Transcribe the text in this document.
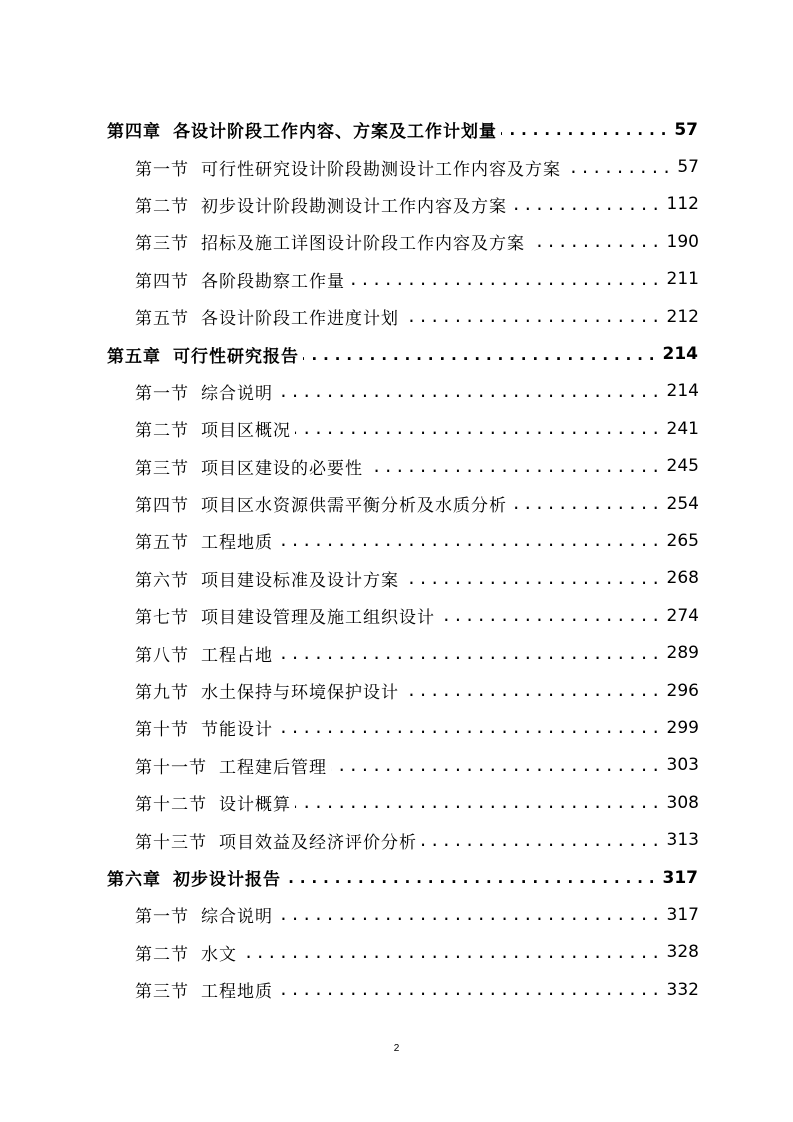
第四章 各设计阶段工作内容、方案及工作计划量 .....	57
第一节 可行性研究设计阶段勘测设计工作内容及方案 .....	57
第二节 初步设计阶段勘测设计工作内容及方案 .....	112
第三节 招标及施工详图设计阶段工作内容及方案 .....	190
第四节 各阶段勘察工作量 .....	211
第五节 各设计阶段工作进度计划 .....	212
第五章 可行性研究报告 .....	214
第一节 综合说明 .....	214
第二节 项目区概况 .....	241
第三节 项目区建设的必要性 .....	245
第四节 项目区水资源供需平衡分析及水质分析 .....	254
第五节 工程地质 .....	265
第六节 项目建设标准及设计方案 .....	268
第七节 项目建设管理及施工组织设计 .....	274
第八节 工程占地 .....	289
第九节 水土保持与环境保护设计 .....	296
第十节 节能设计 .....	299
第十一节 工程建后管理 .....	303
第十二节 设计概算 .....	308
第十三节 项目效益及经济评价分析 .....	313
第六章 初步设计报告 .....	317
第一节 综合说明 .....	317
第二节 水文 .....	328
第三节 工程地质 .....	332
2
